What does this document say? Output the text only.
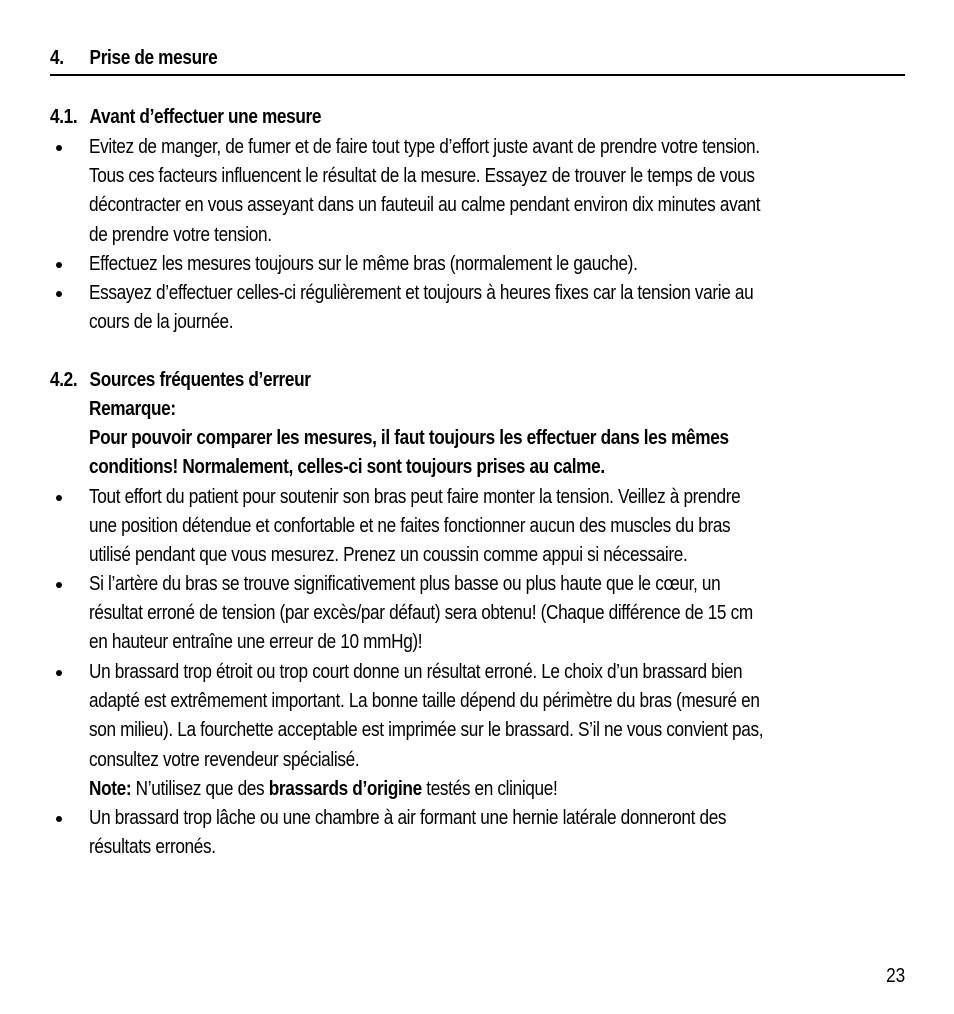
4. Prise de mesure
4.1. Avant d’effectuer une mesure
Evitez de manger, de fumer et de faire tout type d’effort juste avant de prendre votre tension.
Tous ces facteurs influencent le résultat de la mesure. Essayez de trouver le temps de vous
décontracter en vous asseyant dans un fauteuil au calme pendant environ dix minutes avant
de prendre votre tension.
Effectuez les mesures toujours sur le même bras (normalement le gauche).
Essayez d’effectuer celles-ci régulièrement et toujours à heures fixes car la tension varie au
cours de la journée.
4.2. Sources fréquentes d’erreur
Remarque:
Pour pouvoir comparer les mesures, il faut toujours les effectuer dans les mêmes
conditions! Normalement, celles-ci sont toujours prises au calme.
Tout effort du patient pour soutenir son bras peut faire monter la tension. Veillez à prendre
une position détendue et confortable et ne faites fonctionner aucun des muscles du bras
utilisé pendant que vous mesurez. Prenez un coussin comme appui si nécessaire.
Si l’artère du bras se trouve significativement plus basse ou plus haute que le cœur, un
résultat erroné de tension (par excès/par défaut) sera obtenu! (Chaque différence de 15 cm
en hauteur entraîne une erreur de 10 mmHg)!
Un brassard trop étroit ou trop court donne un résultat erroné. Le choix d’un brassard bien
adapté est extrêmement important. La bonne taille dépend du périmètre du bras (mesuré en
son milieu). La fourchette acceptable est imprimée sur le brassard. S’il ne vous convient pas,
consultez votre revendeur spécialisé.
Note: N’utilisez que des brassards d’origine testés en clinique!
Un brassard trop lâche ou une chambre à air formant une hernie latérale donneront des
résultats erronés.
23
